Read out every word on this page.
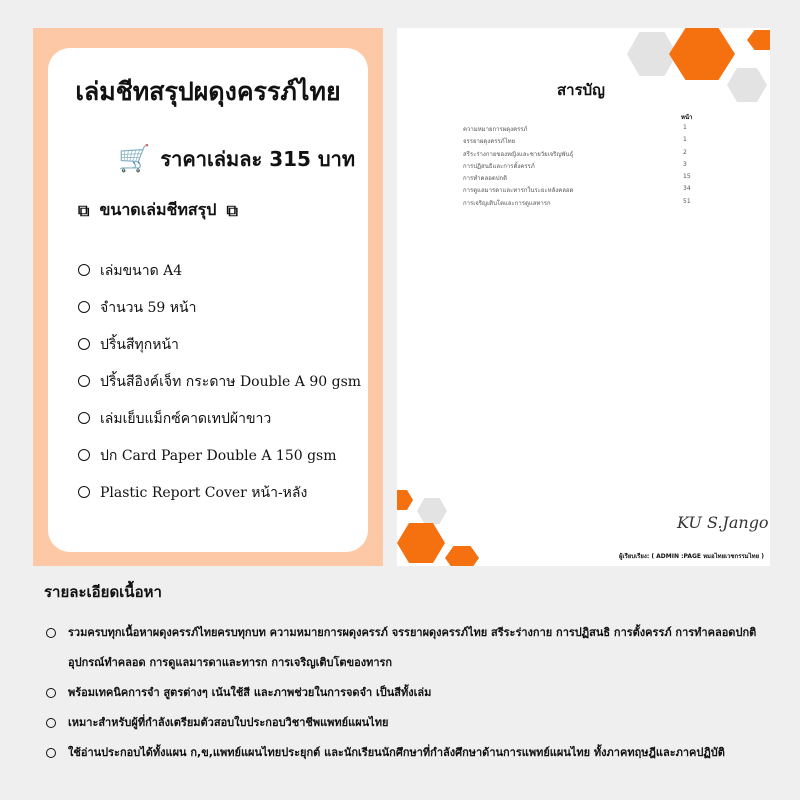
เล่มชีทสรุปผดุงครรภ์ไทย
🛒 ราคาเล่มละ 315 บาท
⧉ ขนาดเล่มชีทสรุป ⧉
เล่มขนาด A4
จำนวน 59 หน้า
ปริ้นสีทุกหน้า
ปริ้นสีอิงค์เจ็ท กระดาษ Double A 90 gsm
เล่มเย็บแม็กซ์คาดเทปผ้าขาว
ปก Card Paper Double A 150 gsm
Plastic Report Cover หน้า-หลัง
สารบัญ
หน้า
ความหมายการผดุงครรภ์	1
จรรยาผดุงครรภ์ไทย	1
สรีระร่างกายของหญิงและชายวัยเจริญพันธุ์	2
การปฏิสนธิและการตั้งครรภ์	3
การทำคลอดปกติ	15
การดูแลมารดาและทารกในระยะหลังคลอด	34
การเจริญเติบโตและการดูแลทารก	51
KU S.Jango
ผู้เรียบเรียง: ( ADMIN :PAGE หมอไทยเวชกรรมไทย )
รายละเอียดเนื้อหา
รวมครบทุกเนื้อหาผดุงครรภ์ไทยครบทุกบท ความหมายการผดุงครรภ์ จรรยาผดุงครรภ์ไทย สรีระร่างกาย การปฏิสนธิ การตั้งครรภ์ การทำคลอดปกติ อุปกรณ์ทำคลอด การดูแลมารดาและทารก การเจริญเติบโตของทารก
พร้อมเทคนิคการจำ สูตรต่างๆ เน้นใช้สี และภาพช่วยในการจดจำ เป็นสีทั้งเล่ม
เหมาะสำหรับผู้ที่กำลังเตรียมตัวสอบใบประกอบวิชาชีพแพทย์แผนไทย
ใช้อ่านประกอบได้ทั้งแผน ก,ข,แพทย์แผนไทยประยุกต์ และนักเรียนนักศึกษาที่กำลังศึกษาด้านการแพทย์แผนไทย ทั้งภาคทฤษฎีและภาคปฏิบัติ
